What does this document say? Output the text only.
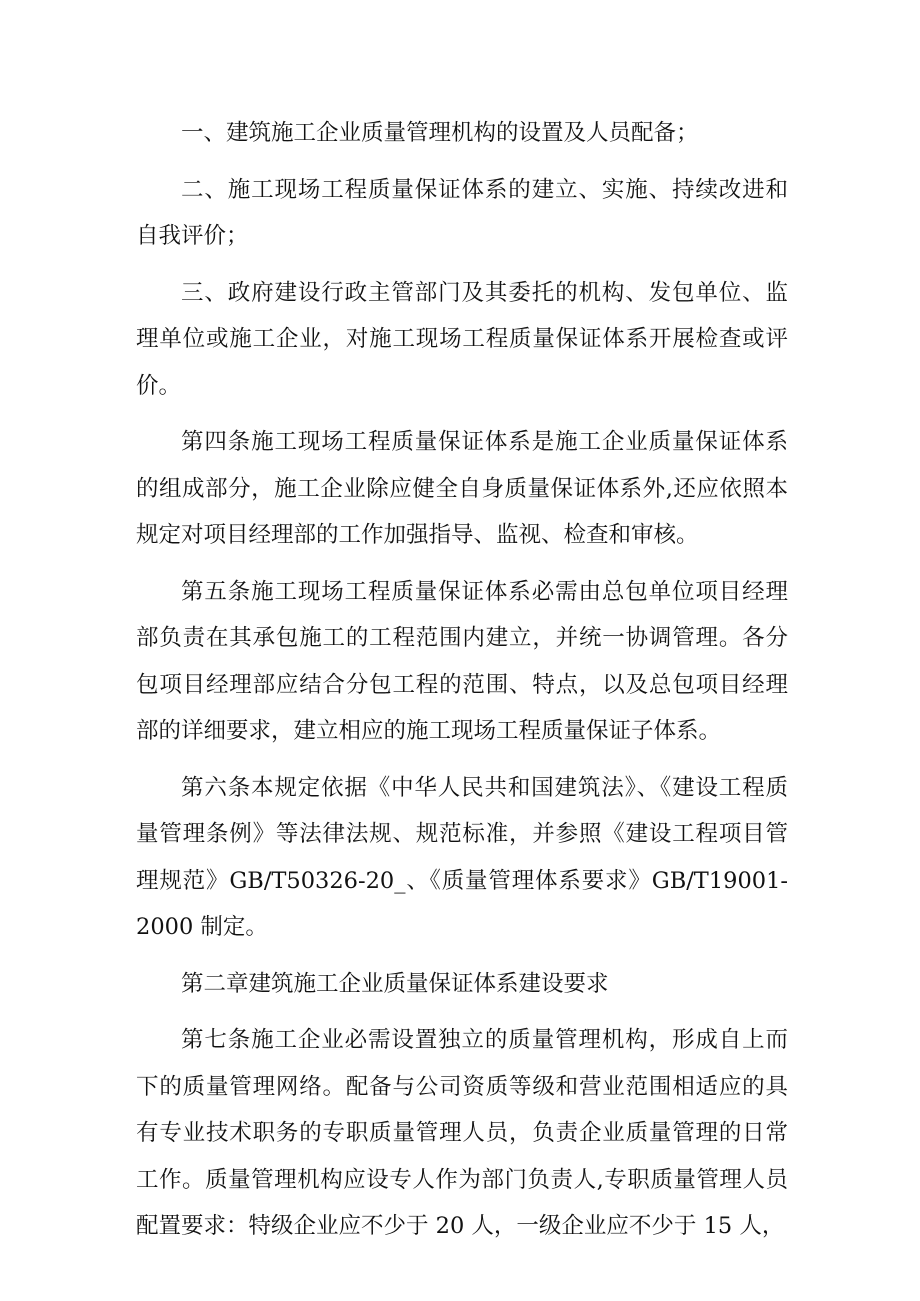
一、建筑施工企业质量管理机构的设置及人员配备；

二、施工现场工程质量保证体系的建立、实施、持续改进和自我评价；

三、政府建设行政主管部门及其委托的机构、发包单位、监理单位或施工企业，对施工现场工程质量保证体系开展检查或评价。

第四条施工现场工程质量保证体系是施工企业质量保证体系的组成部分，施工企业除应健全自身质量保证体系外,还应依照本规定对项目经理部的工作加强指导、监视、检查和审核。

第五条施工现场工程质量保证体系必需由总包单位项目经理部负责在其承包施工的工程范围内建立，并统一协调管理。各分包项目经理部应结合分包工程的范围、特点，以及总包项目经理部的详细要求，建立相应的施工现场工程质量保证子体系。

第六条本规定依据《中华人民共和国建筑法》、《建设工程质量管理条例》等法律法规、规范标准，并参照《建设工程项目管理规范》GB/T50326-20_、《质量管理体系要求》GB/T19001-2000 制定。

第二章建筑施工企业质量保证体系建设要求

第七条施工企业必需设置独立的质量管理机构，形成自上而下的质量管理网络。配备与公司资质等级和营业范围相适应的具有专业技术职务的专职质量管理人员，负责企业质量管理的日常工作。质量管理机构应设专人作为部门负责人,专职质量管理人员配置要求：特级企业应不少于 20 人，一级企业应不少于 15 人，
